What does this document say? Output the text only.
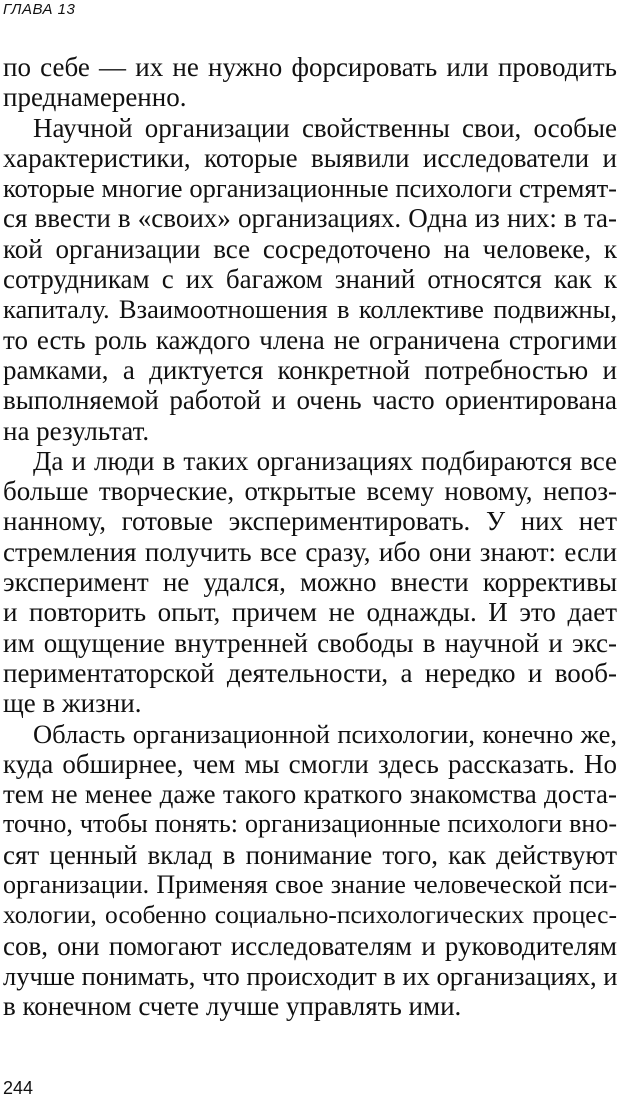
ГЛАВА 13
по себе — их не нужно форсировать или проводить
преднамеренно.
Научной организации свойственны свои, особые
характеристики, которые выявили исследователи и
которые многие организационные психологи стремят-
ся ввести в «своих» организациях. Одна из них: в та-
кой организации все сосредоточено на человеке, к
сотрудникам с их багажом знаний относятся как к
капиталу. Взаимоотношения в коллективе подвижны,
то есть роль каждого члена не ограничена строгими
рамками, а диктуется конкретной потребностью и
выполняемой работой и очень часто ориентирована
на результат.
Да и люди в таких организациях подбираются все
больше творческие, открытые всему новому, непоз-
нанному, готовые экспериментировать. У них нет
стремления получить все сразу, ибо они знают: если
эксперимент не удался, можно внести коррективы
и повторить опыт, причем не однажды. И это дает
им ощущение внутренней свободы в научной и экс-
периментаторской деятельности, а нередко и вооб-
ще в жизни.
Область организационной психологии, конечно же,
куда обширнее, чем мы смогли здесь рассказать. Но
тем не менее даже такого краткого знакомства доста-
точно, чтобы понять: организационные психологи вно-
сят ценный вклад в понимание того, как действуют
организации. Применяя свое знание человеческой пси-
хологии, особенно социально-психологических процес-
сов, они помогают исследователям и руководителям
лучше понимать, что происходит в их организациях, и
в конечном счете лучше управлять ими.
244
